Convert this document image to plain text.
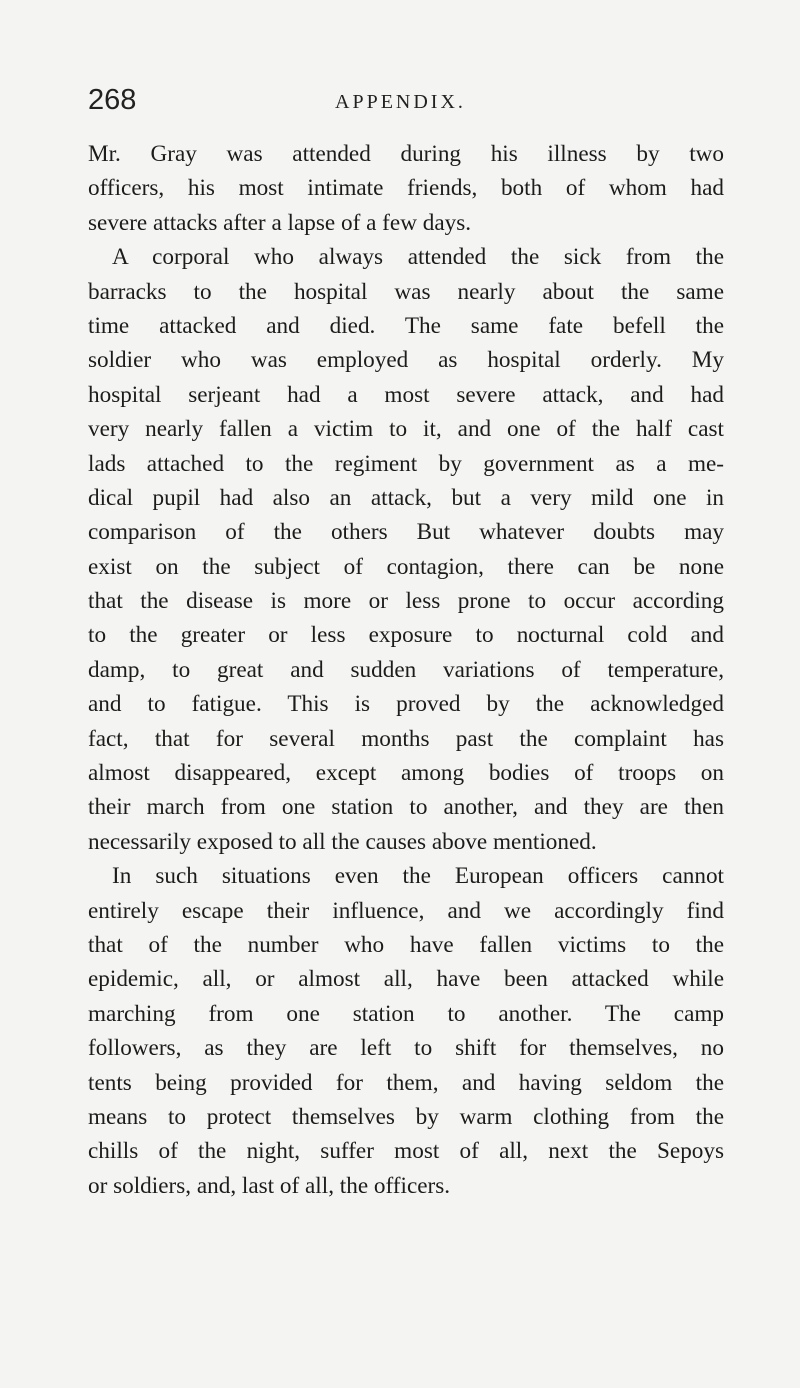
268	APPENDIX.
Mr. Gray was attended during his illness by two
officers, his most intimate friends, both of whom had
severe attacks after a lapse of a few days.
A corporal who always attended the sick from the
barracks to the hospital was nearly about the same
time attacked and died. The same fate befell the
soldier who was employed as hospital orderly. My
hospital serjeant had a most severe attack, and had
very nearly fallen a victim to it, and one of the half cast
lads attached to the regiment by government as a me-
dical pupil had also an attack, but a very mild one in
comparison of the others But whatever doubts may
exist on the subject of contagion, there can be none
that the disease is more or less prone to occur according
to the greater or less exposure to nocturnal cold and
damp, to great and sudden variations of temperature,
and to fatigue. This is proved by the acknowledged
fact, that for several months past the complaint has
almost disappeared, except among bodies of troops on
their march from one station to another, and they are then
necessarily exposed to all the causes above mentioned.
In such situations even the European officers cannot
entirely escape their influence, and we accordingly find
that of the number who have fallen victims to the
epidemic, all, or almost all, have been attacked while
marching from one station to another. The camp
followers, as they are left to shift for themselves, no
tents being provided for them, and having seldom the
means to protect themselves by warm clothing from the
chills of the night, suffer most of all, next the Sepoys
or soldiers, and, last of all, the officers.
